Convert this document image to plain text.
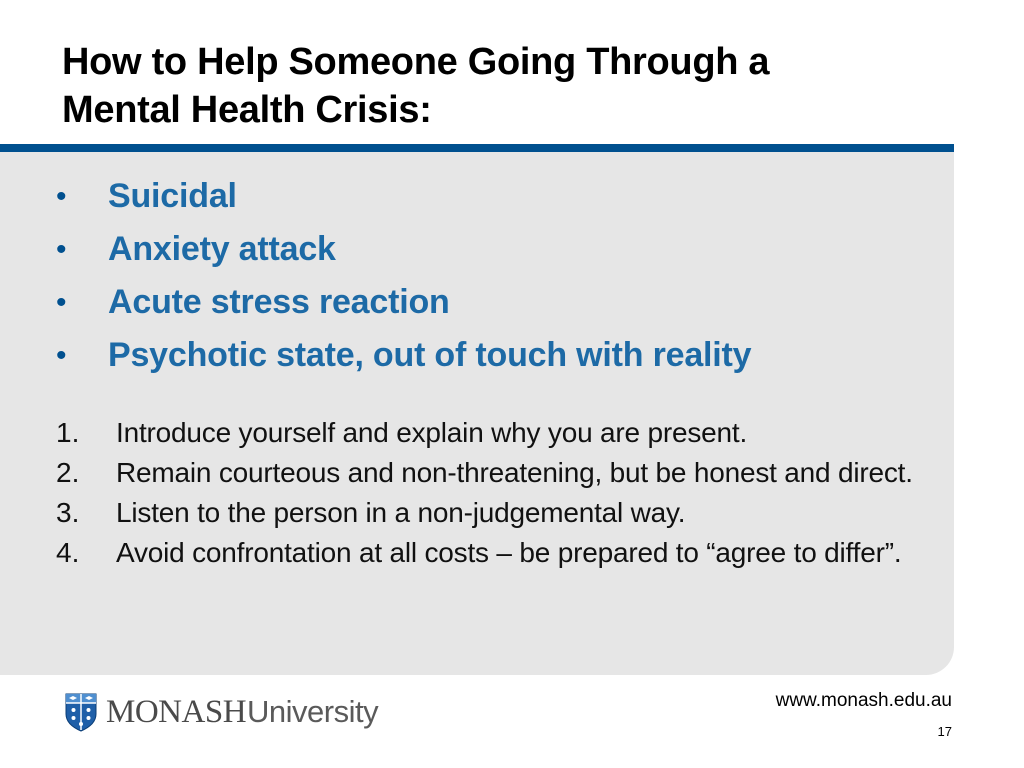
How to Help Someone Going Through a
Mental Health Crisis:
•	Suicidal
•	Anxiety attack
•	Acute stress reaction
•	Psychotic state, out of touch with reality
1.	Introduce yourself and explain why you are present.
2.	Remain courteous and non-threatening, but be honest and direct.
3.	Listen to the person in a non-judgemental way.
4.	Avoid confrontation at all costs – be prepared to “agree to differ”.
MONASHUniversity	www.monash.edu.au
17
